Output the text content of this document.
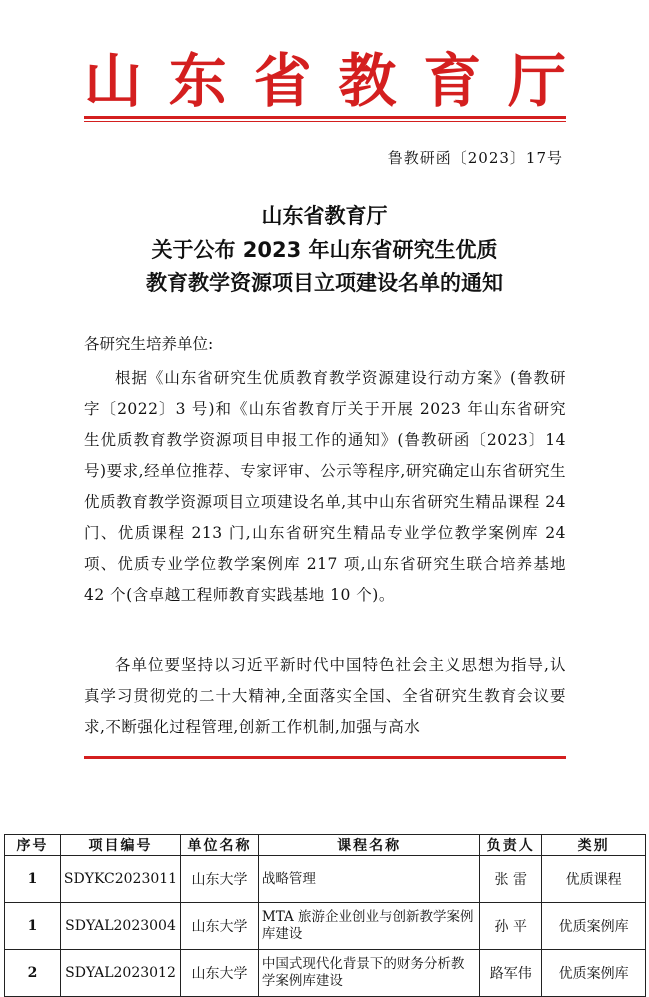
山 东 省 教 育 厅
鲁教研函〔2023〕17号
山东省教育厅
关于公布 2023 年山东省研究生优质
教育教学资源项目立项建设名单的通知
各研究生培养单位:
根据《山东省研究生优质教育教学资源建设行动方案》(鲁教研字〔2022〕3 号)和《山东省教育厅关于开展 2023 年山东省研究生优质教育教学资源项目申报工作的通知》(鲁教研函〔2023〕14 号)要求,经单位推荐、专家评审、公示等程序,研究确定山东省研究生优质教育教学资源项目立项建设名单,其中山东省研究生精品课程 24 门、优质课程 213 门,山东省研究生精品专业学位教学案例库 24 项、优质专业学位教学案例库 217 项,山东省研究生联合培养基地 42 个(含卓越工程师教育实践基地 10 个)。
各单位要坚持以习近平新时代中国特色社会主义思想为指导,认真学习贯彻党的二十大精神,全面落实全国、全省研究生教育会议要求,不断强化过程管理,创新工作机制,加强与高水
序号	项目编号	单位名称	课程名称	负责人	类别
1	SDYKC2023011	山东大学	战略管理	张 雷	优质课程
1	SDYAL2023004	山东大学	MTA 旅游企业创业与创新教学案例库建设	孙 平	优质案例库
2	SDYAL2023012	山东大学	中国式现代化背景下的财务分析教学案例库建设	路军伟	优质案例库
